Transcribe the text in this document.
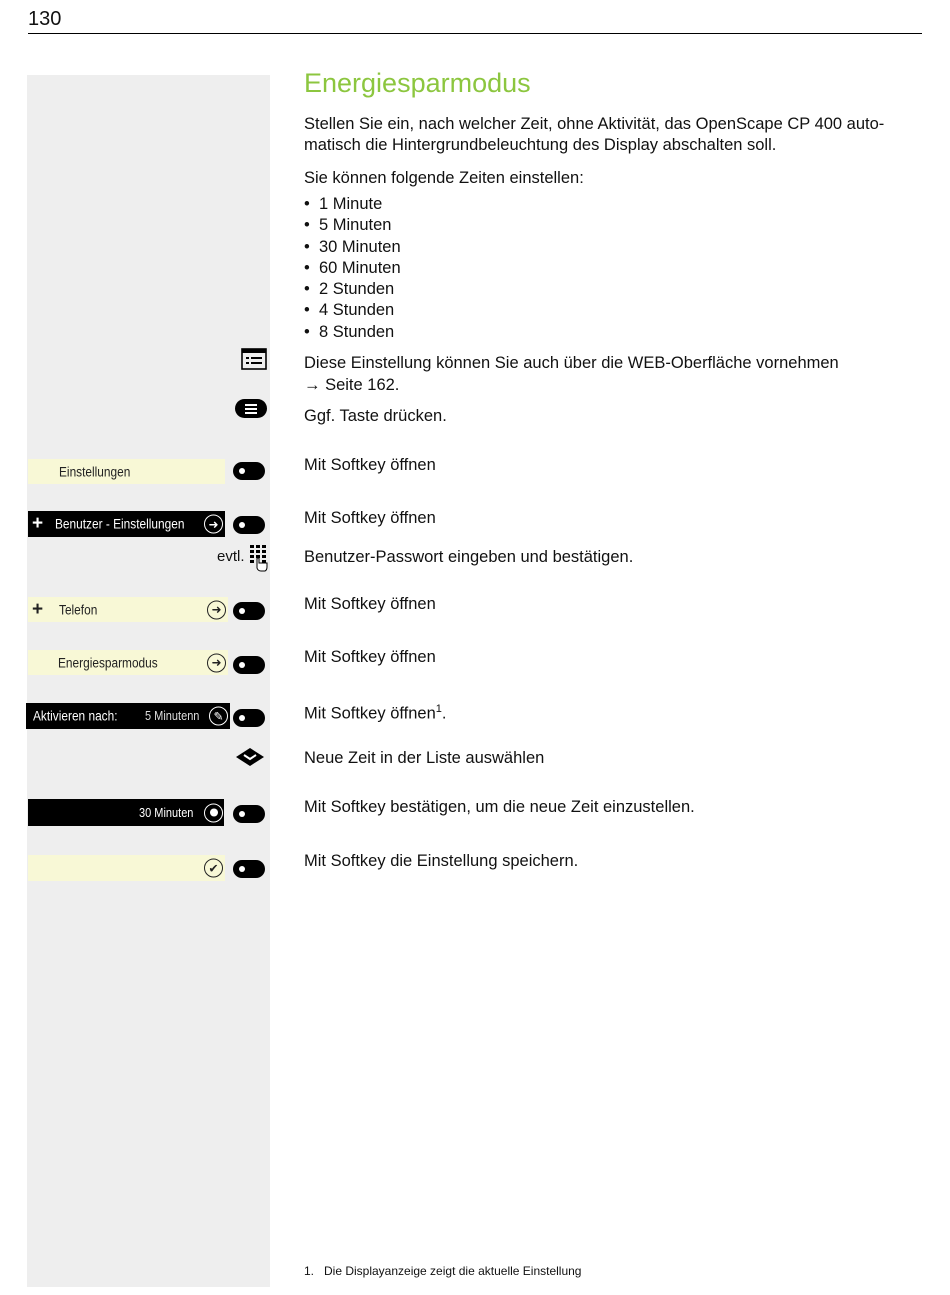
130
Energiesparmodus
Stellen Sie ein, nach welcher Zeit, ohne Aktivität, das OpenScape CP 400 auto-
matisch die Hintergrundbeleuchtung des Display abschalten soll.
Sie können folgende Zeiten einstellen:
• 1 Minute
• 5 Minuten
• 30 Minuten
• 60 Minuten
• 2 Stunden
• 4 Stunden
• 8 Stunden
Diese Einstellung können Sie auch über die WEB-Oberfläche vornehmen
→ Seite 162.
Ggf. Taste drücken.
Einstellungen	Mit Softkey öffnen
+ Benutzer - Einstellungen	➜	Mit Softkey öffnen
evtl.	Benutzer-Passwort eingeben und bestätigen.
+ Telefon	➜	Mit Softkey öffnen
Energiesparmodus	➜	Mit Softkey öffnen
Aktivieren nach: 5 Minutenn	✎	Mit Softkey öffnen$^1$.
Neue Zeit in der Liste auswählen
30 Minuten	Mit Softkey bestätigen, um die neue Zeit einzustellen.
✔	Mit Softkey die Einstellung speichern.
1. Die Displayanzeige zeigt die aktuelle Einstellung
